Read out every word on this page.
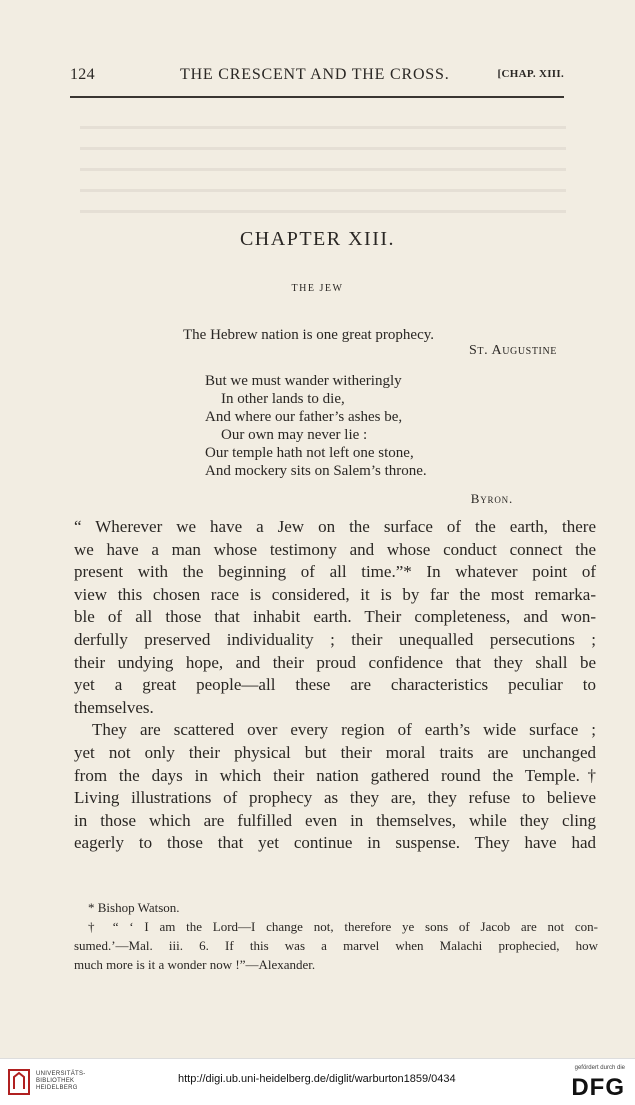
124	THE CRESCENT AND THE CROSS.	[CHAP. XIII.
CHAPTER XIII.
THE JEW
The Hebrew nation is one great prophecy.
St. Augustine
But we must wander witheringly
In other lands to die,
And where our father’s ashes be,
Our own may never lie :
Our temple hath not left one stone,
And mockery sits on Salem’s throne.
Byron.
“ Wherever we have a Jew on the surface of the earth, there
we have a man whose testimony and whose conduct connect the
present with the beginning of all time.”* In whatever point of
view this chosen race is considered, it is by far the most remarka-
ble of all those that inhabit earth. Their completeness, and won-
derfully preserved individuality ; their unequalled persecutions ;
their undying hope, and their proud confidence that they shall be
yet a great people—all these are characteristics peculiar to
themselves.
They are scattered over every region of earth’s wide surface ;
yet not only their physical but their moral traits are unchanged
from the days in which their nation gathered round the Temple.†
Living illustrations of prophecy as they are, they refuse to believe
in those which are fulfilled even in themselves, while they cling
eagerly to those that yet continue in suspense. They have had
* Bishop Watson.
† “ ‘ I am the Lord—I change not, therefore ye sons of Jacob are not con-
sumed.’—Mal. iii. 6. If this was a marvel when Malachi prophecied, how
much more is it a wonder now !”—Alexander.
UNIVERSITÄTS-
BIBLIOTHEK
HEIDELBERG
http://digi.ub.uni-heidelberg.de/diglit/warburton1859/0434
gefördert durch die
DFG
